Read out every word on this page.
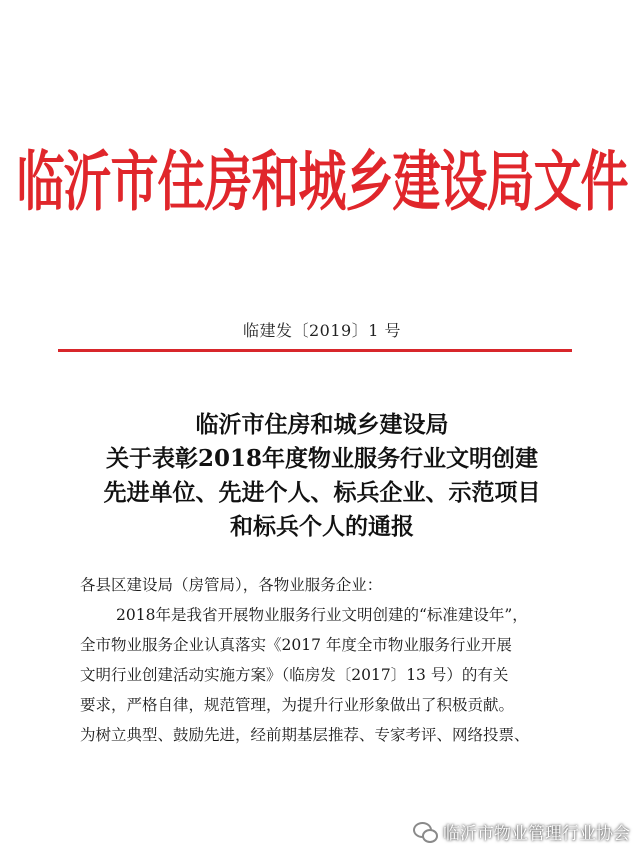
临沂市住房和城乡建设局文件
临建发〔2019〕1 号
临沂市住房和城乡建设局
关于表彰2018年度物业服务行业文明创建
先进单位、先进个人、标兵企业、示范项目
和标兵个人的通报

各县区建设局（房管局），各物业服务企业：

2018年是我省开展物业服务行业文明创建的“标准建设年”，

全市物业服务企业认真落实《2017 年度全市物业服务行业开展

文明行业创建活动实施方案》（临房发〔2017〕13 号）的有关

要求，严格自律，规范管理，为提升行业形象做出了积极贡献。

为树立典型、鼓励先进，经前期基层推荐、专家考评、网络投票、

临沂市物业管理行业协会
